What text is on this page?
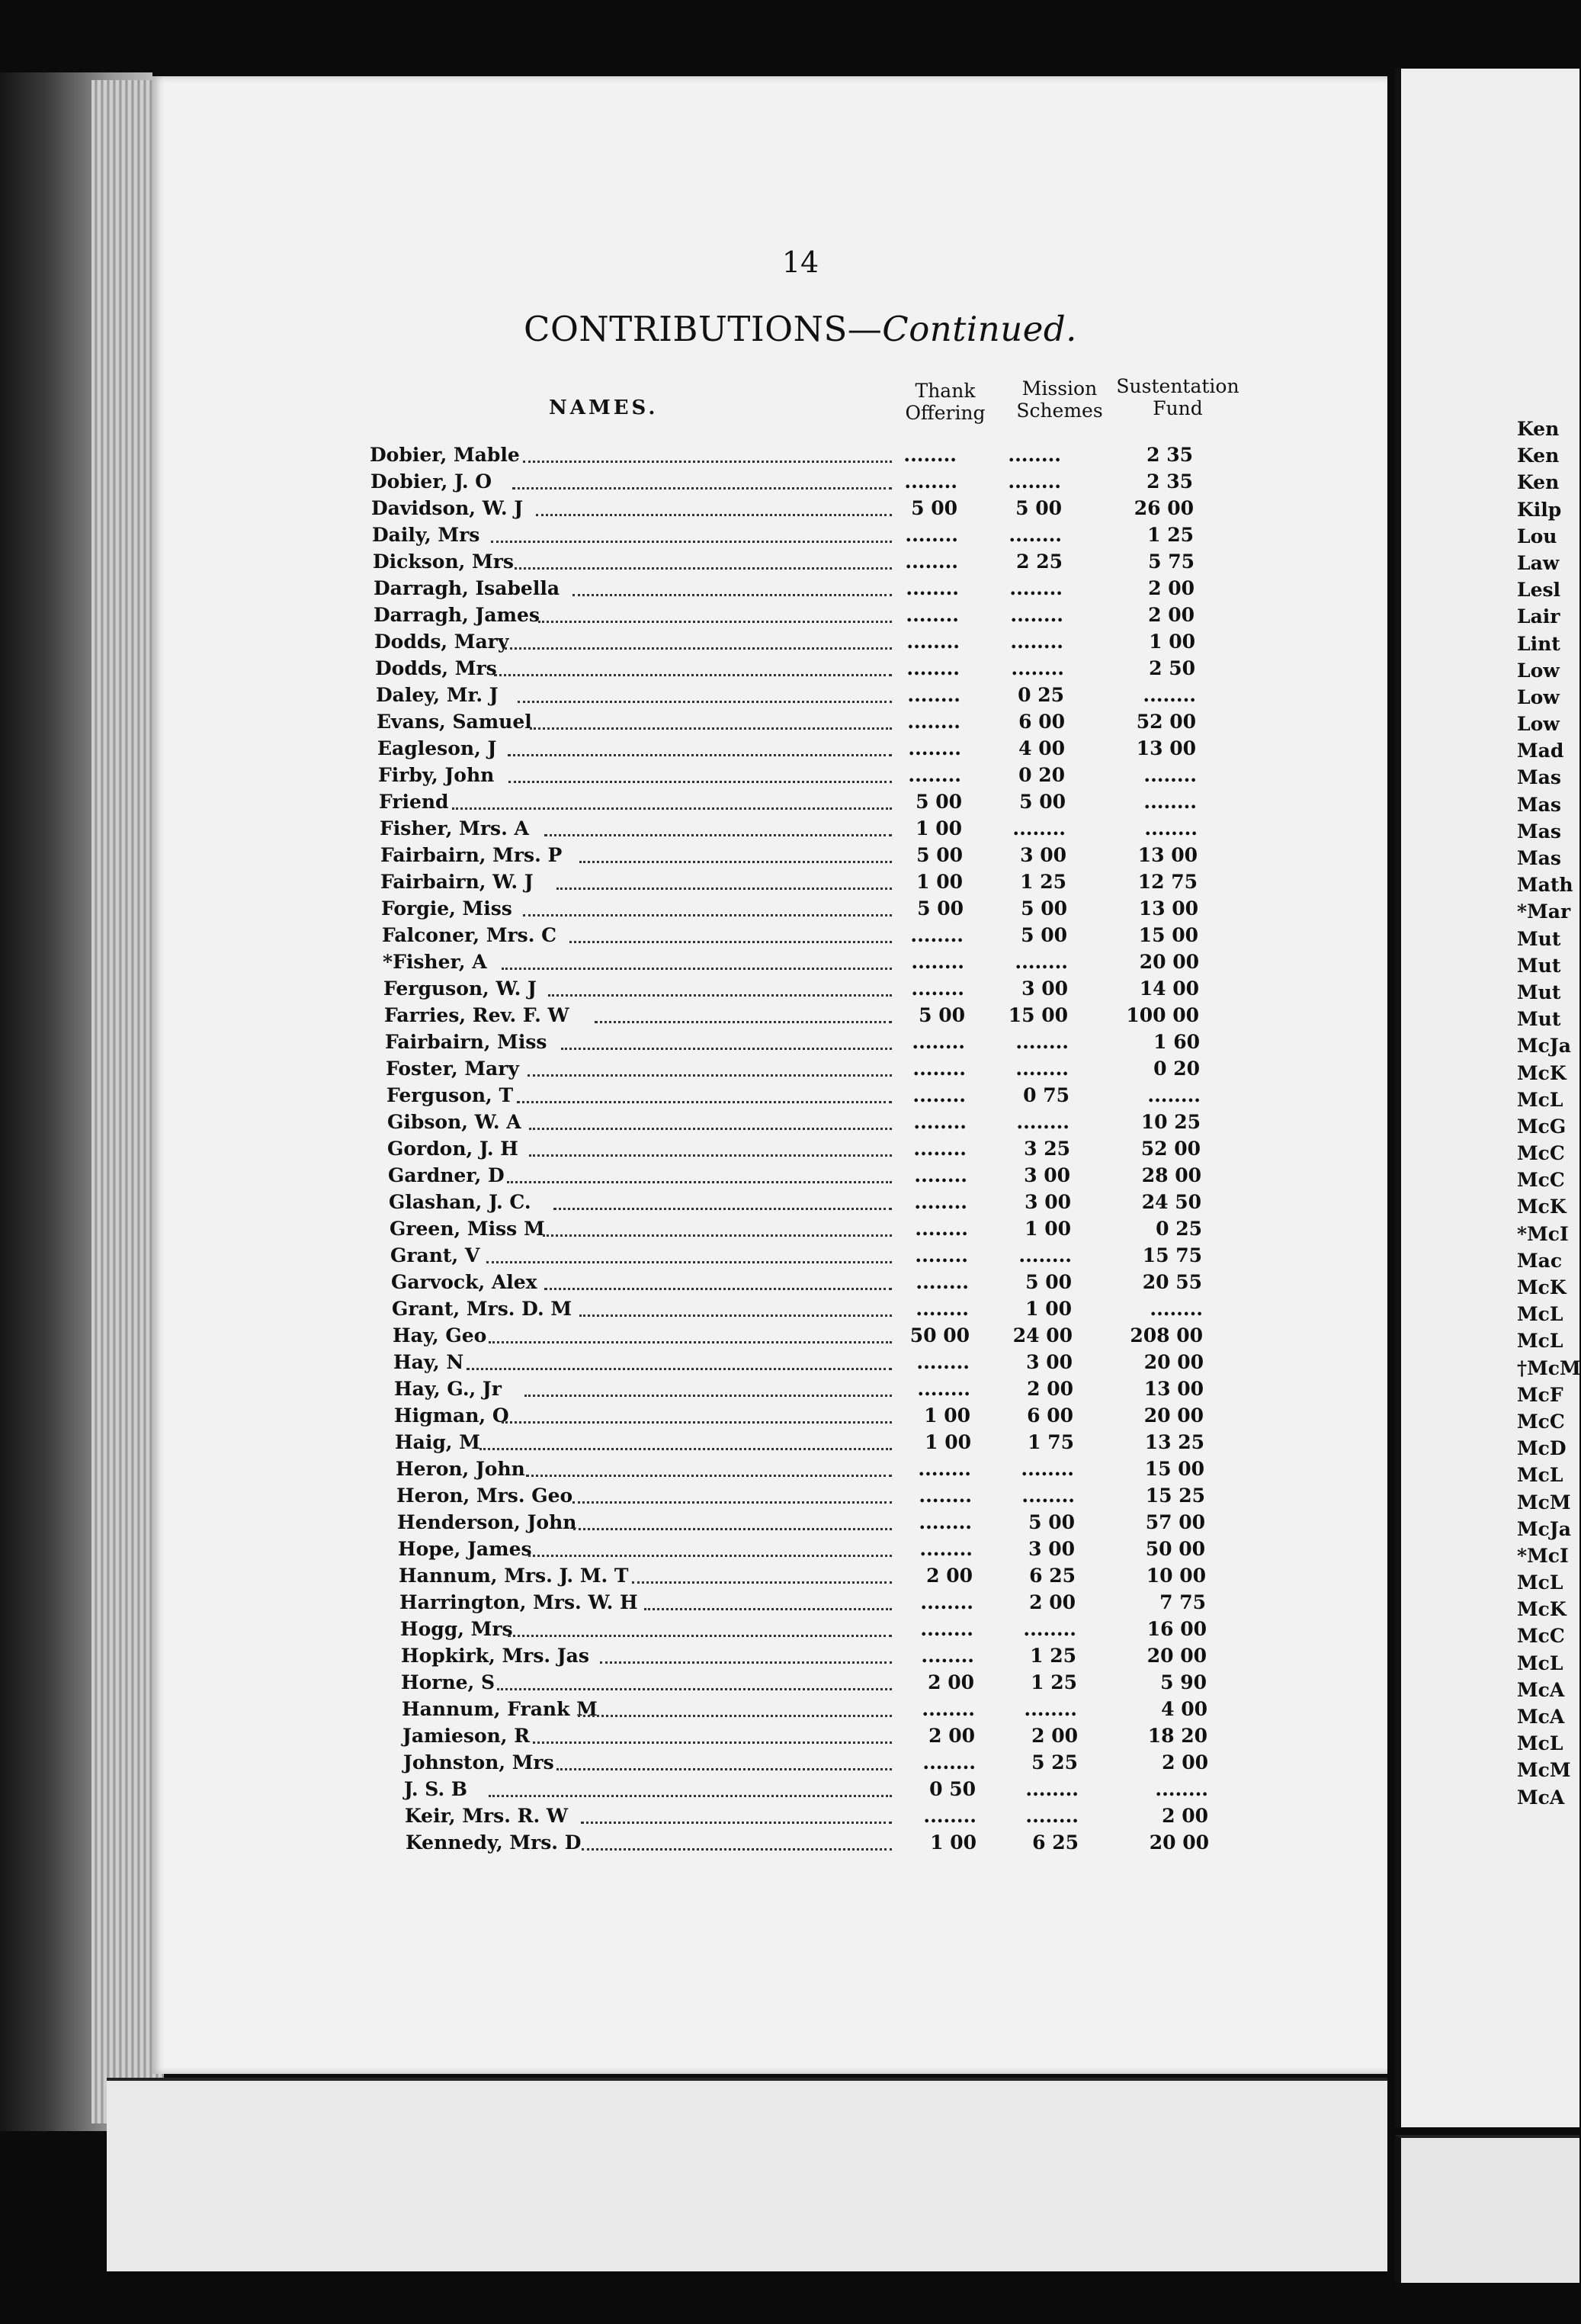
14
CONTRIBUTIONS—Continued.
NAMES.
Thank
Offering
Mission
Schemes
Sustentation
Fund
Dobier, Mable	........	........	2 35
Dobier, J. O	........	........	2 35
Davidson, W. J	5 00	5 00	26 00
Daily, Mrs	........	........	1 25
Dickson, Mrs	........	2 25	5 75
Darragh, Isabella	........	........	2 00
Darragh, James	........	........	2 00
Dodds, Mary	........	........	1 00
Dodds, Mrs	........	........	2 50
Daley, Mr. J	........	0 25	........
Evans, Samuel	........	6 00	52 00
Eagleson, J	........	4 00	13 00
Firby, John	........	0 20	........
Friend	5 00	5 00	........
Fisher, Mrs. A	1 00	........	........
Fairbairn, Mrs. P	5 00	3 00	13 00
Fairbairn, W. J	1 00	1 25	12 75
Forgie, Miss	5 00	5 00	13 00
Falconer, Mrs. C	........	5 00	15 00
*Fisher, A	........	........	20 00
Ferguson, W. J	........	3 00	14 00
Farries, Rev. F. W	5 00	15 00	100 00
Fairbairn, Miss	........	........	1 60
Foster, Mary	........	........	0 20
Ferguson, T	........	0 75	........
Gibson, W. A	........	........	10 25
Gordon, J. H	........	3 25	52 00
Gardner, D	........	3 00	28 00
Glashan, J. C.	........	3 00	24 50
Green, Miss M	........	1 00	0 25
Grant, V	........	........	15 75
Garvock, Alex	........	5 00	20 55
Grant, Mrs. D. M	........	1 00	........
Hay, Geo	50 00	24 00	208 00
Hay, N	........	3 00	20 00
Hay, G., Jr	........	2 00	13 00
Higman, O	1 00	6 00	20 00
Haig, M	1 00	1 75	13 25
Heron, John	........	........	15 00
Heron, Mrs. Geo	........	........	15 25
Henderson, John	........	5 00	57 00
Hope, James	........	3 00	50 00
Hannum, Mrs. J. M. T	2 00	6 25	10 00
Harrington, Mrs. W. H	........	2 00	7 75
Hogg, Mrs	........	........	16 00
Hopkirk, Mrs. Jas	........	1 25	20 00
Horne, S	2 00	1 25	5 90
Hannum, Frank M	........	........	4 00
Jamieson, R	2 00	2 00	18 20
Johnston, Mrs	........	5 25	2 00
J. S. B	0 50	........	........
Keir, Mrs. R. W	........	........	2 00
Kennedy, Mrs. D	1 00	6 25	20 00
Ken
Ken
Ken
Kilp
Lou
Law
Lesl
Lair
Lint
Low
Low
Low
Mad
Mas
Mas
Mas
Mas
Math
*Mar
Mut
Mut
Mut
Mut
McJa
McK
McL
McG
McC
McC
McK
*McI
Mac
McK
McL
McL
†McM
McF
McC
McD
McL
McM
McJa
*McI
McL
McK
McC
McL
McA
McA
McL
McM
McA
